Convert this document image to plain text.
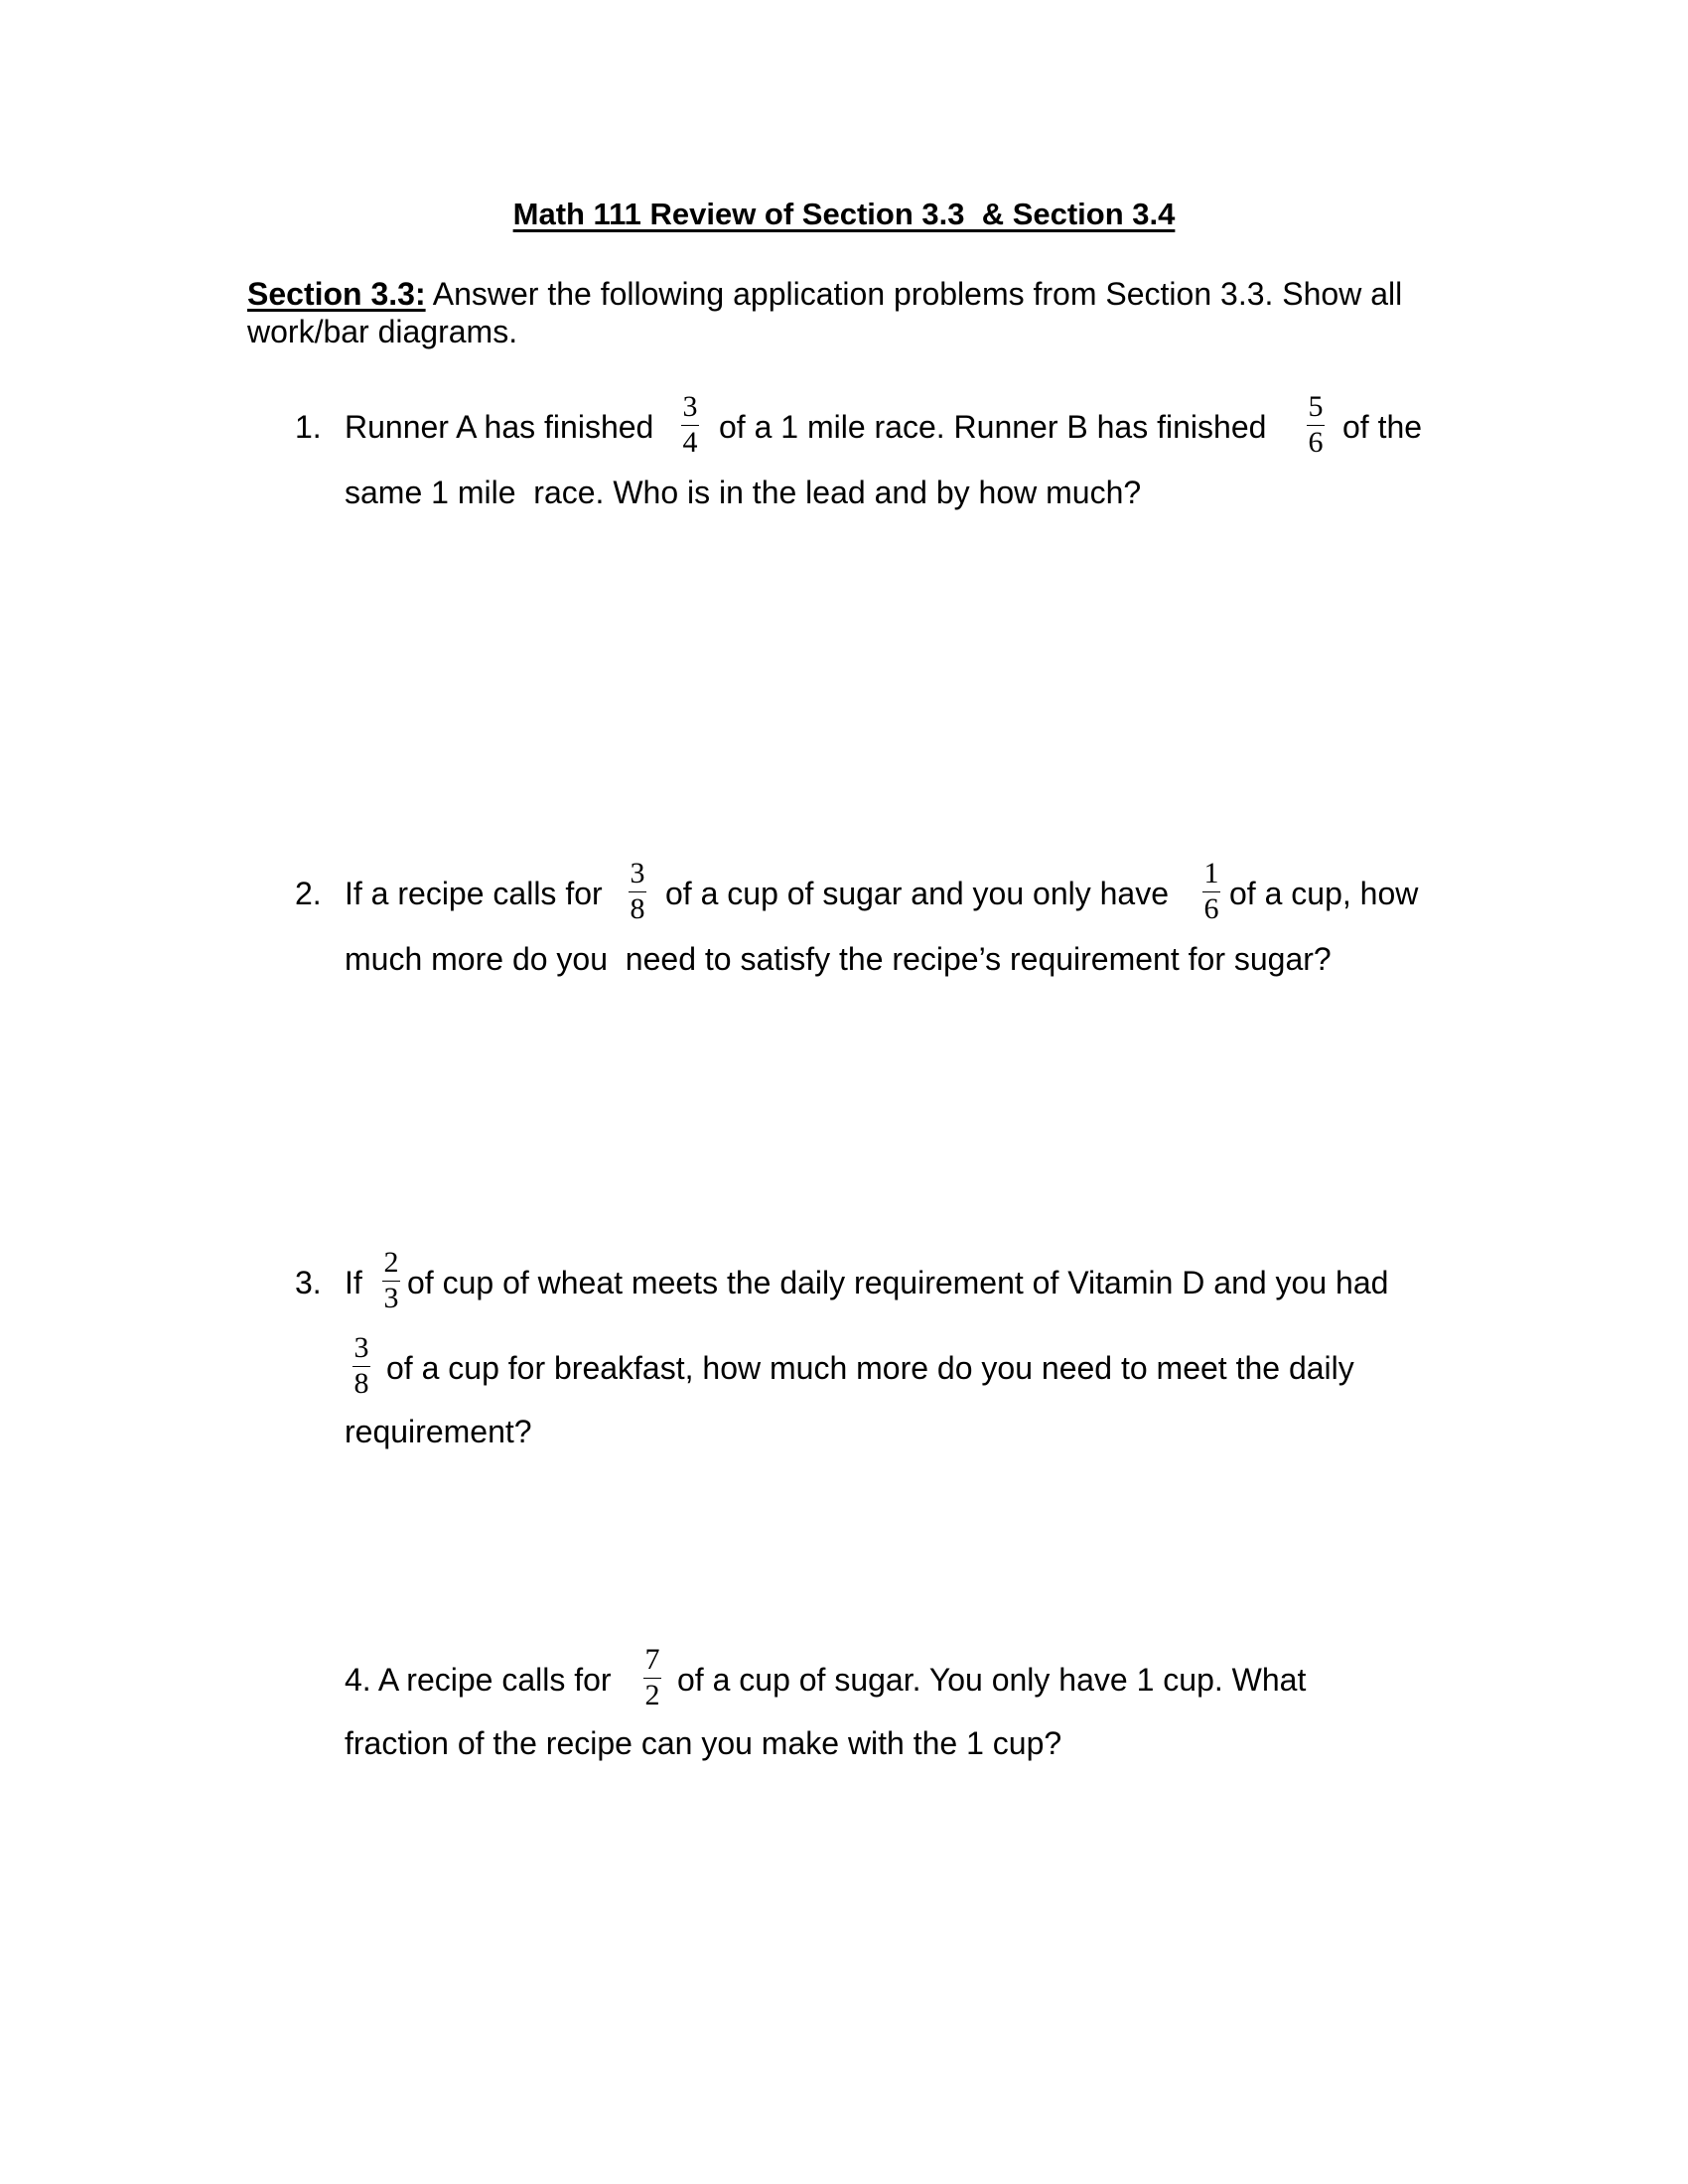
Math 111 Review of Section 3.3  & Section 3.4
Section 3.3: Answer the following application problems from Section 3.3. Show all work/bar diagrams.
1. Runner A has finished
3
4 of a 1 mile race. Runner B has finished
5
6 of the
same 1 mile  race. Who is in the lead and by how much?
2. If a recipe calls for
3
8 of a cup of sugar and you only have
1
6 of a cup, how
much more do you  need to satisfy the recipe’s requirement for sugar?
3. If
2
3 of cup of wheat meets the daily requirement of Vitamin D and you had
3
8 of a cup for breakfast, how much more do you need to meet the daily
requirement?
4. A recipe calls for
7
2 of a cup of sugar. You only have 1 cup. What
fraction of the recipe can you make with the 1 cup?
